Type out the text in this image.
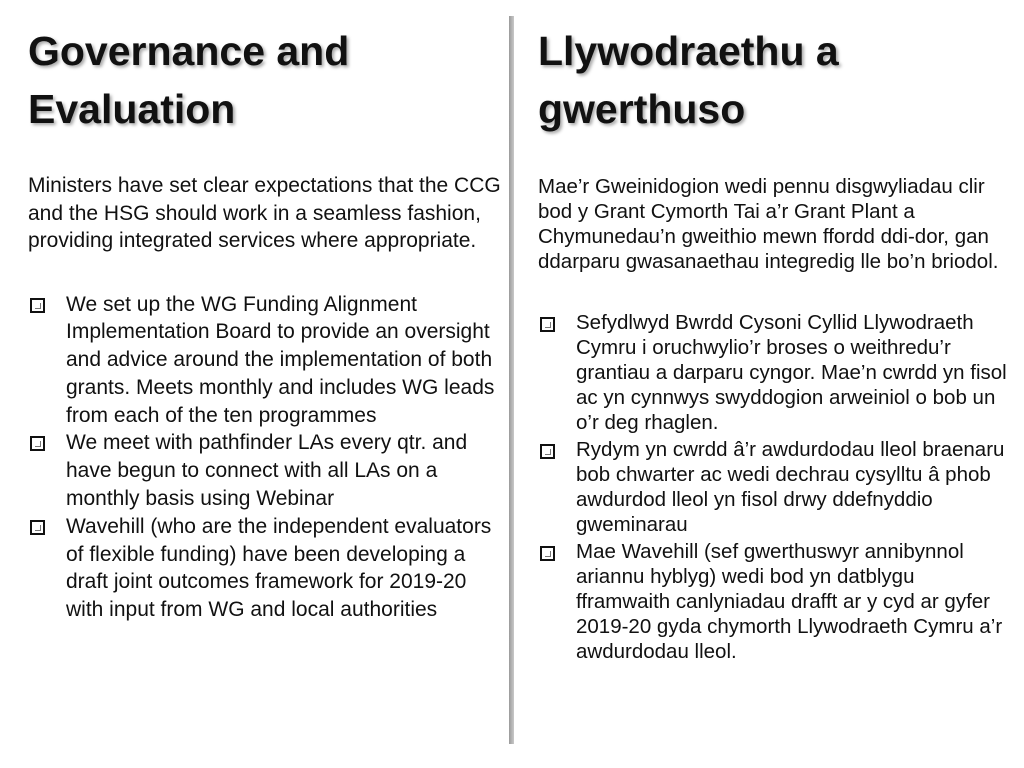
Governance and
Evaluation

Ministers have set clear expectations that the CCG and the HSG should work in a seamless fashion, providing integrated services where appropriate.

We set up the WG Funding Alignment Implementation Board to provide an oversight and advice around the implementation of both grants. Meets monthly and includes WG leads from each of the ten programmes
We meet with pathfinder LAs every qtr. and have begun to connect with all LAs on a monthly basis using Webinar
Wavehill (who are the independent evaluators of flexible funding) have been developing a draft joint outcomes framework for 2019-20 with input from WG and local authorities
Llywodraethu a
gwerthuso

Mae’r Gweinidogion wedi pennu disgwyliadau clir bod y Grant Cymorth Tai a’r Grant Plant a Chymunedau’n gweithio mewn ffordd ddi-dor, gan ddarparu gwasanaethau integredig lle bo’n briodol.

Sefydlwyd Bwrdd Cysoni Cyllid Llywodraeth Cymru i oruchwylio’r broses o weithredu’r grantiau a darparu cyngor. Mae’n cwrdd yn fisol ac yn cynnwys swyddogion arweiniol o bob un o’r deg rhaglen.
Rydym yn cwrdd â’r awdurdodau lleol braenaru bob chwarter ac wedi dechrau cysylltu â phob awdurdod lleol yn fisol drwy ddefnyddio gweminarau
Mae Wavehill (sef gwerthuswyr annibynnol ariannu hyblyg) wedi bod yn datblygu fframwaith canlyniadau drafft ar y cyd ar gyfer 2019-20 gyda chymorth Llywodraeth Cymru a’r awdurdodau lleol.
